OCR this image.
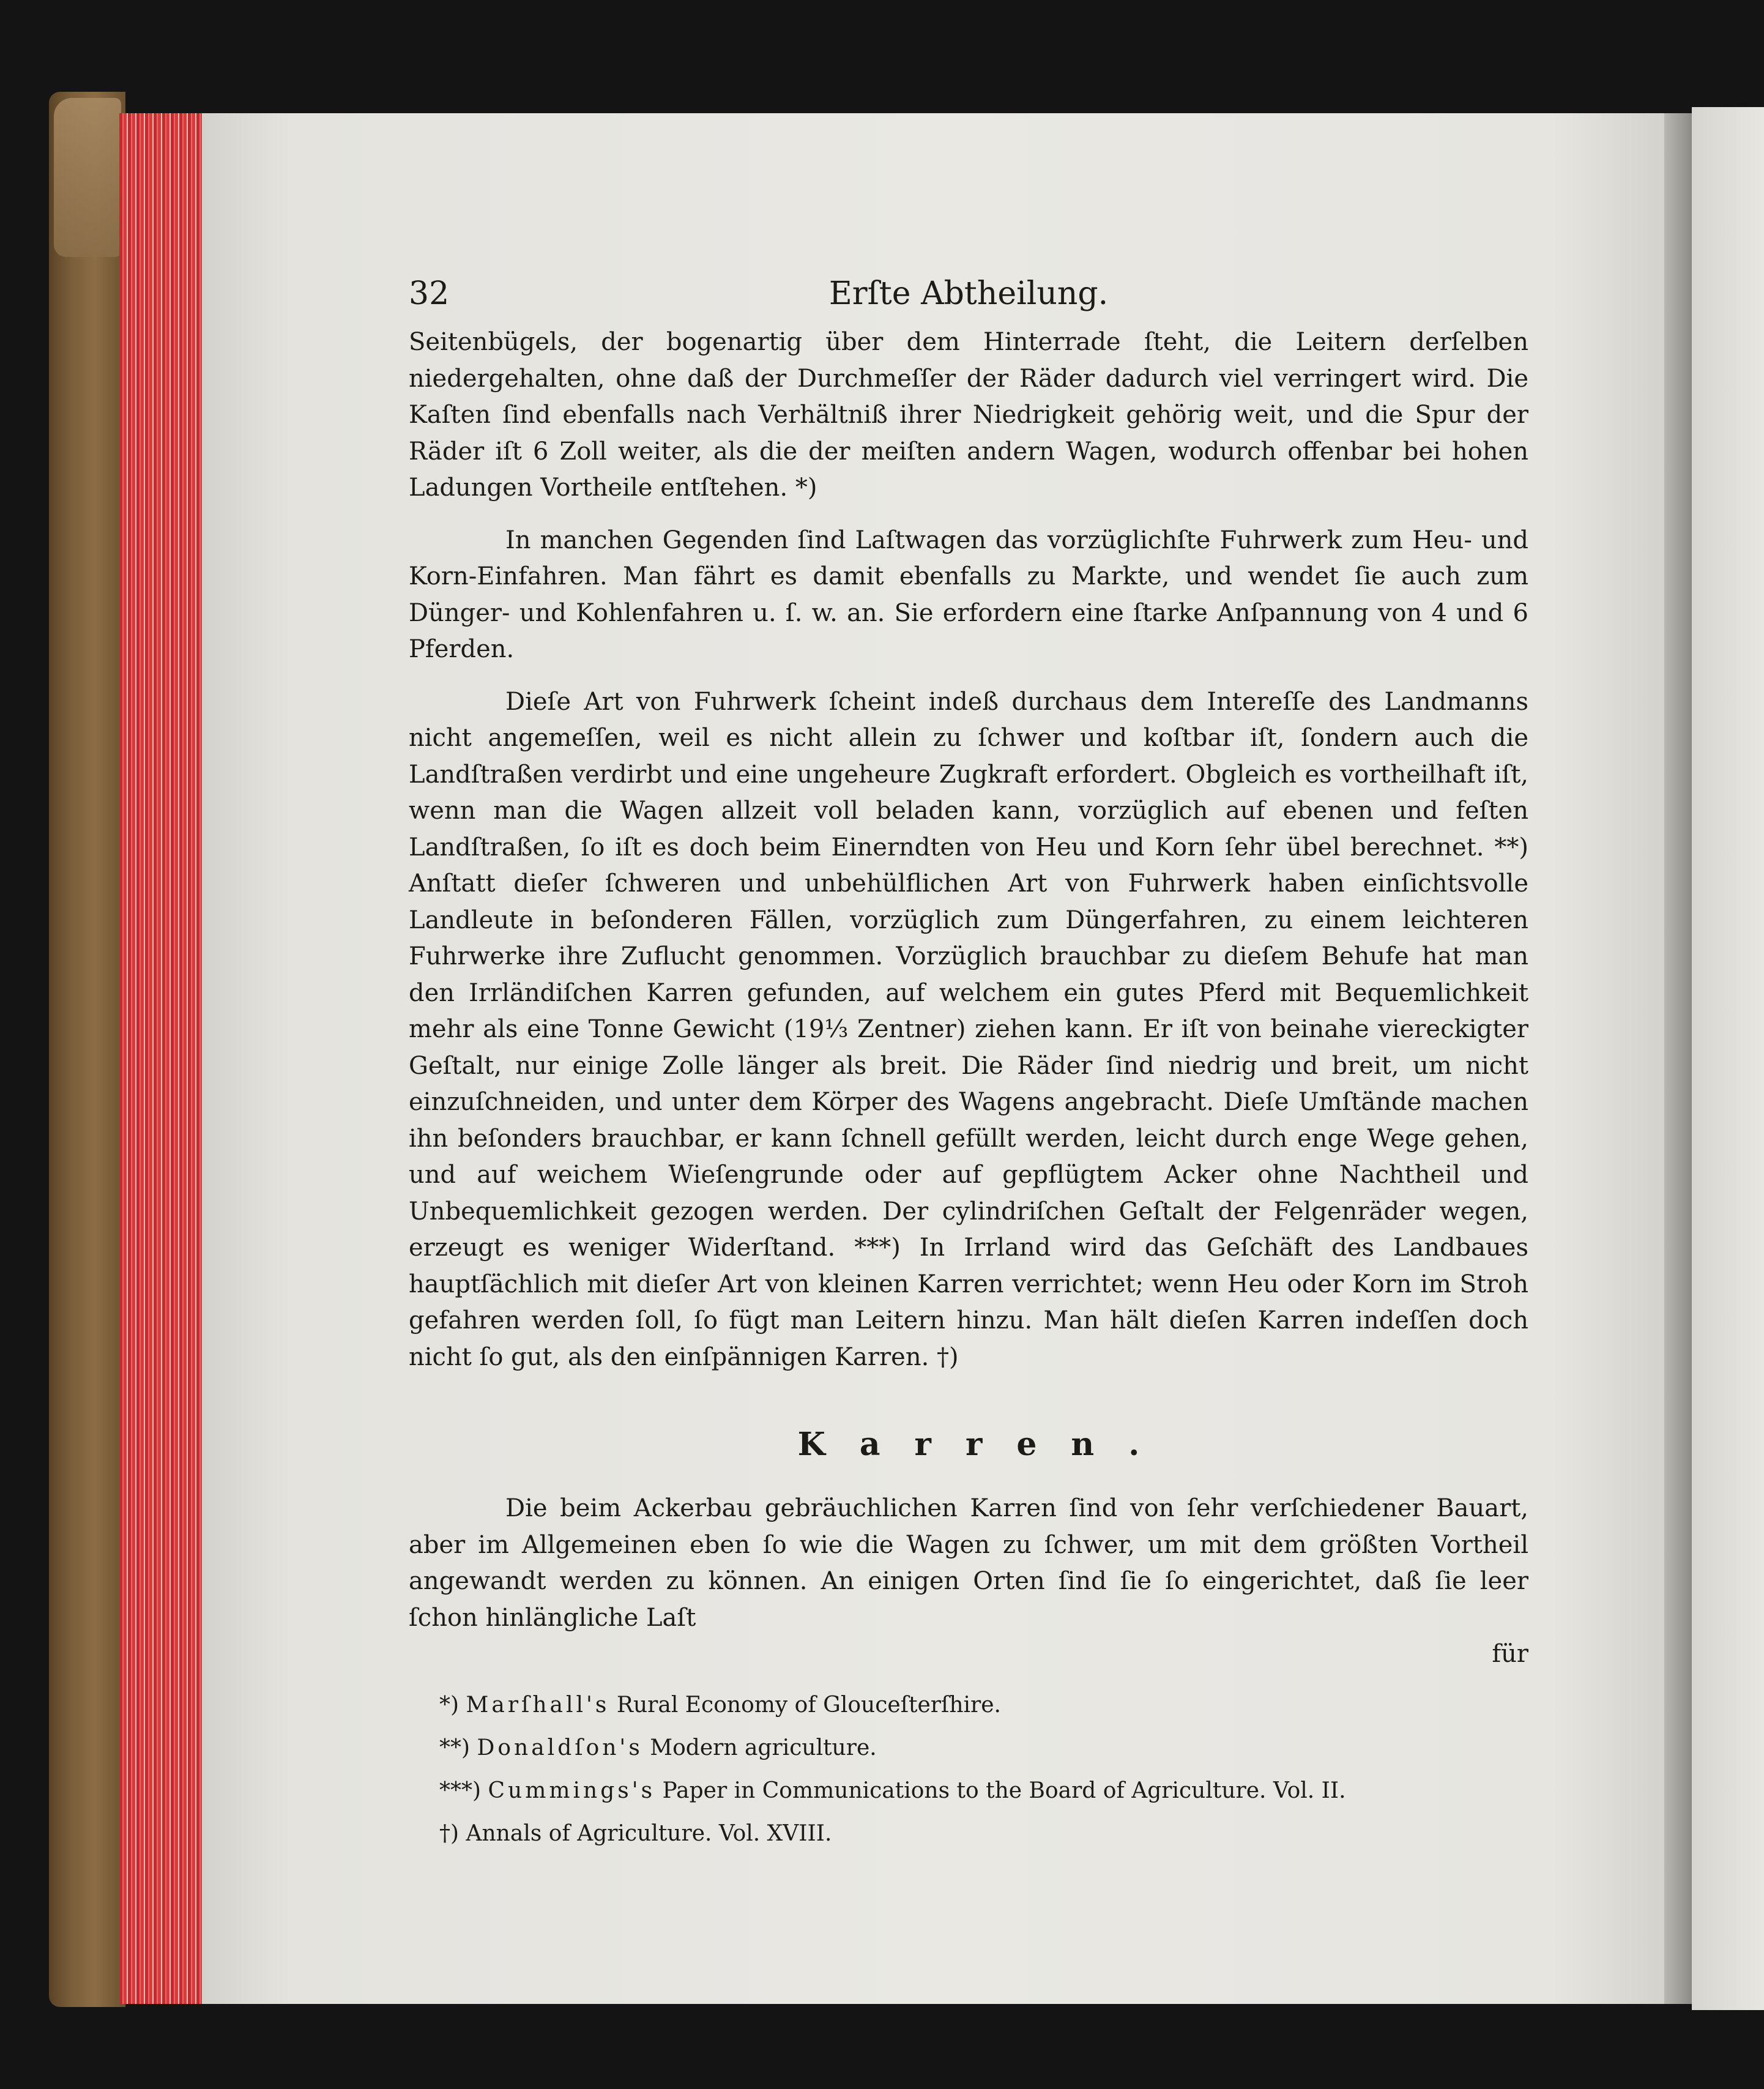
32	Erſte Abtheilung.

Seitenbügels, der bogenartig über dem Hinterrade ſteht, die Leitern derſelben niedergehalten, ohne daß der Durchmeſſer der Räder dadurch viel verringert wird. Die Kaſten ſind ebenfalls nach Verhältniß ihrer Niedrigkeit gehörig weit, und die Spur der Räder iſt 6 Zoll weiter, als die der meiſten andern Wagen, wodurch offenbar bei hohen Ladungen Vortheile entſtehen. *)

In manchen Gegenden ſind Laſtwagen das vorzüglichſte Fuhrwerk zum Heu- und Korn-Einfahren. Man fährt es damit ebenfalls zu Markte, und wendet ſie auch zum Dünger- und Kohlenfahren u. ſ. w. an. Sie erfordern eine ſtarke Anſpannung von 4 und 6 Pferden.

Dieſe Art von Fuhrwerk ſcheint indeß durchaus dem Intereſſe des Landmanns nicht angemeſſen, weil es nicht allein zu ſchwer und koſtbar iſt, ſondern auch die Landſtraßen verdirbt und eine ungeheure Zugkraft erfordert. Obgleich es vortheilhaft iſt, wenn man die Wagen allzeit voll beladen kann, vorzüglich auf ebenen und feſten Landſtraßen, ſo iſt es doch beim Einerndten von Heu und Korn ſehr übel berechnet. **) Anſtatt dieſer ſchweren und unbehülflichen Art von Fuhrwerk haben einſichtsvolle Landleute in beſonderen Fällen, vorzüglich zum Düngerfahren, zu einem leichteren Fuhrwerke ihre Zuflucht genommen. Vorzüglich brauchbar zu dieſem Behufe hat man den Irrländiſchen Karren gefunden, auf welchem ein gutes Pferd mit Bequemlichkeit mehr als eine Tonne Gewicht (19⅓ Zentner) ziehen kann. Er iſt von beinahe viereckigter Geſtalt, nur einige Zolle länger als breit. Die Räder ſind niedrig und breit, um nicht einzuſchneiden, und unter dem Körper des Wagens angebracht. Dieſe Umſtände machen ihn beſonders brauchbar, er kann ſchnell gefüllt werden, leicht durch enge Wege gehen, und auf weichem Wieſengrunde oder auf gepflügtem Acker ohne Nachtheil und Unbequemlichkeit gezogen werden. Der cylindriſchen Geſtalt der Felgenräder wegen, erzeugt es weniger Widerſtand. ***) In Irrland wird das Geſchäft des Landbaues hauptſächlich mit dieſer Art von kleinen Karren verrichtet; wenn Heu oder Korn im Stroh gefahren werden ſoll, ſo fügt man Leitern hinzu. Man hält dieſen Karren indeſſen doch nicht ſo gut, als den einſpännigen Karren. †)

Karren.

Die beim Ackerbau gebräuchlichen Karren ſind von ſehr verſchiedener Bauart, aber im Allgemeinen eben ſo wie die Wagen zu ſchwer, um mit dem größten Vortheil angewandt werden zu können. An einigen Orten ſind ſie ſo eingerichtet, daß ſie leer ſchon hinlängliche Laſt

für

*) Marſhall's Rural Economy of Glouceſterſhire.

**) Donaldſon's Modern agriculture.

***) Cummings's Paper in Communications to the Board of Agriculture. Vol. II.

†) Annals of Agriculture. Vol. XVIII.
